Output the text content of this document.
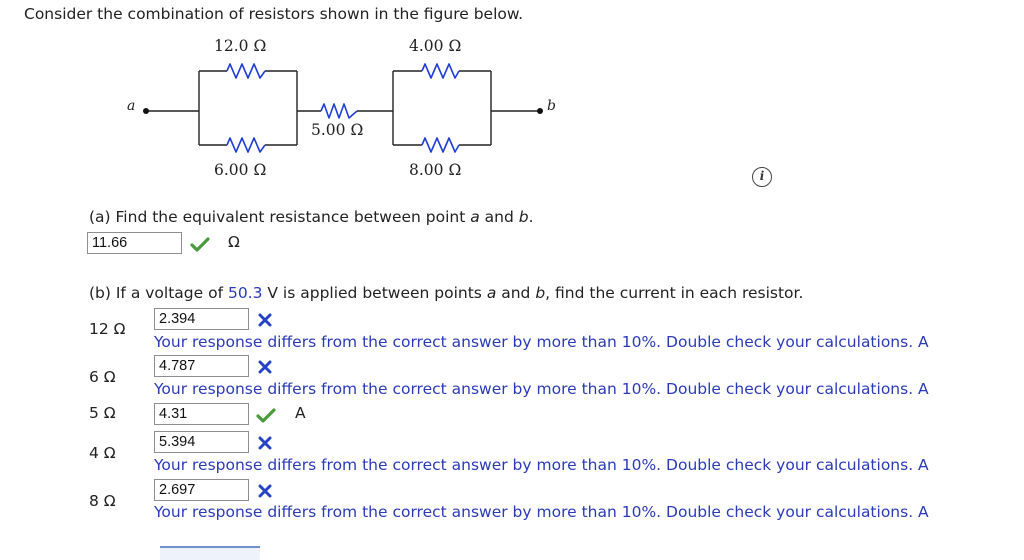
Consider the combination of resistors shown in the figure below.
12.0 Ω	4.00 Ω
5.00 Ω
6.00 Ω	8.00 Ω
a	b
i
(a) Find the equivalent resistance between point a and b.
11.66	Ω
(b) If a voltage of 50.3 V is applied between points a and b, find the current in each resistor.
12 Ω
2.394
Your response differs from the correct answer by more than 10%. Double check your calculations. A
6 Ω
4.787
Your response differs from the correct answer by more than 10%. Double check your calculations. A
5 Ω	4.31	A
4 Ω
5.394
Your response differs from the correct answer by more than 10%. Double check your calculations. A
8 Ω
2.697
Your response differs from the correct answer by more than 10%. Double check your calculations. A
